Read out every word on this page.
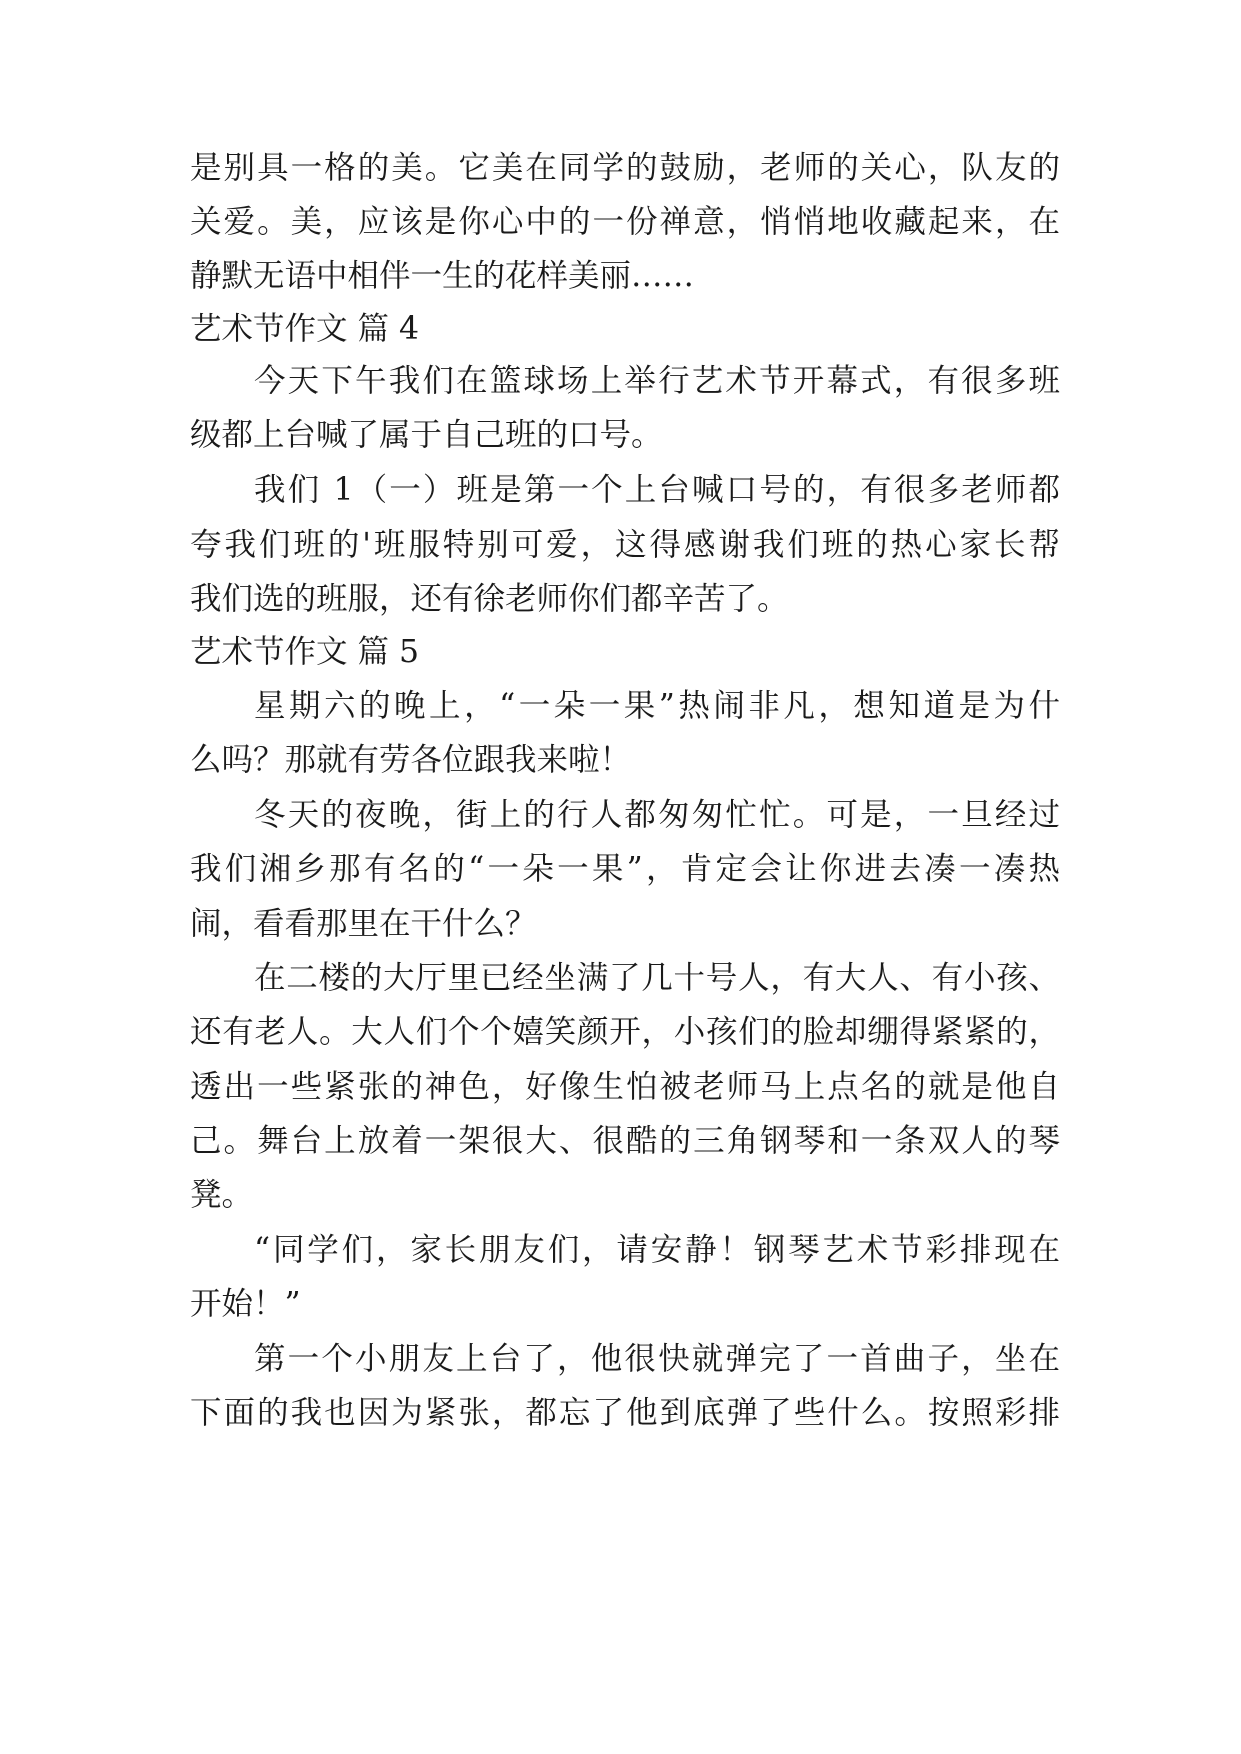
是别具一格的美。它美在同学的鼓励，老师的关心，队友的

关爱。美，应该是你心中的一份禅意，悄悄地收藏起来，在

静默无语中相伴一生的花样美丽……

艺术节作文 篇 4

今天下午我们在篮球场上举行艺术节开幕式，有很多班

级都上台喊了属于自己班的口号。

我们 1（一）班是第一个上台喊口号的，有很多老师都

夸我们班的'班服特别可爱，这得感谢我们班的热心家长帮

我们选的班服，还有徐老师你们都辛苦了。

艺术节作文 篇 5

星期六的晚上，“一朵一果”热闹非凡，想知道是为什

么吗？那就有劳各位跟我来啦！

冬天的夜晚，街上的行人都匆匆忙忙。可是，一旦经过

我们湘乡那有名的“一朵一果”，肯定会让你进去凑一凑热

闹，看看那里在干什么？

在二楼的大厅里已经坐满了几十号人，有大人、有小孩、

还有老人。大人们个个嬉笑颜开，小孩们的脸却绷得紧紧的，

透出一些紧张的神色，好像生怕被老师马上点名的就是他自

己。舞台上放着一架很大、很酷的三角钢琴和一条双人的琴

凳。

“同学们，家长朋友们，请安静！钢琴艺术节彩排现在

开始！”

第一个小朋友上台了，他很快就弹完了一首曲子，坐在

下面的我也因为紧张，都忘了他到底弹了些什么。按照彩排
